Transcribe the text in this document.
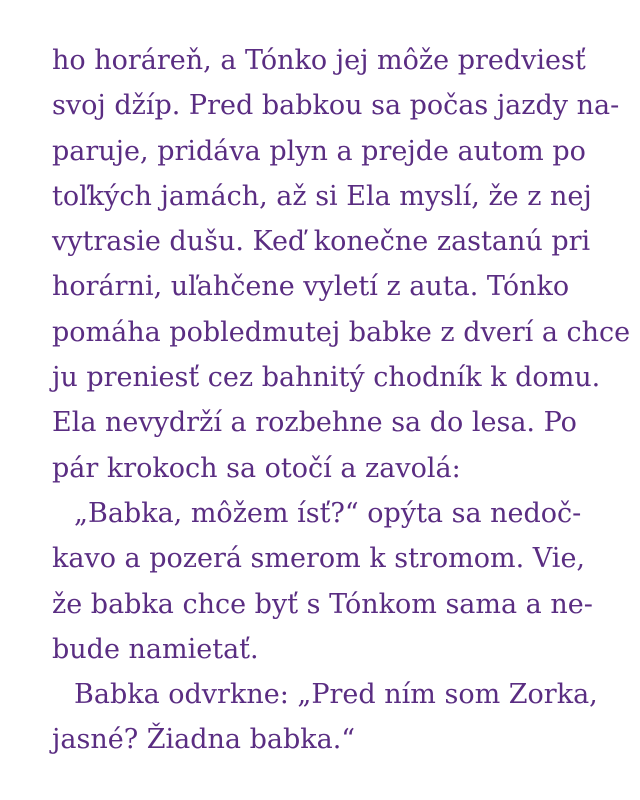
ho horáreň, a Tónko jej môže predviesť
svoj džíp. Pred babkou sa počas jazdy na-
paruje, pridáva plyn a prejde autom po
toľkých jamách, až si Ela myslí, že z nej
vytrasie dušu. Keď konečne zastanú pri
horárni, uľahčene vyletí z auta. Tónko
pomáha pobledmutej babke z dverí a chce
ju preniesť cez bahnitý chodník k domu.
Ela nevydrží a rozbehne sa do lesa. Po
pár krokoch sa otočí a zavolá:
„Babka, môžem ísť?“ opýta sa nedoč-
kavo a pozerá smerom k stromom. Vie,
že babka chce byť s Tónkom sama a ne-
bude namietať.
Babka odvrkne: „Pred ním som Zorka,
jasné? Žiadna babka.“
